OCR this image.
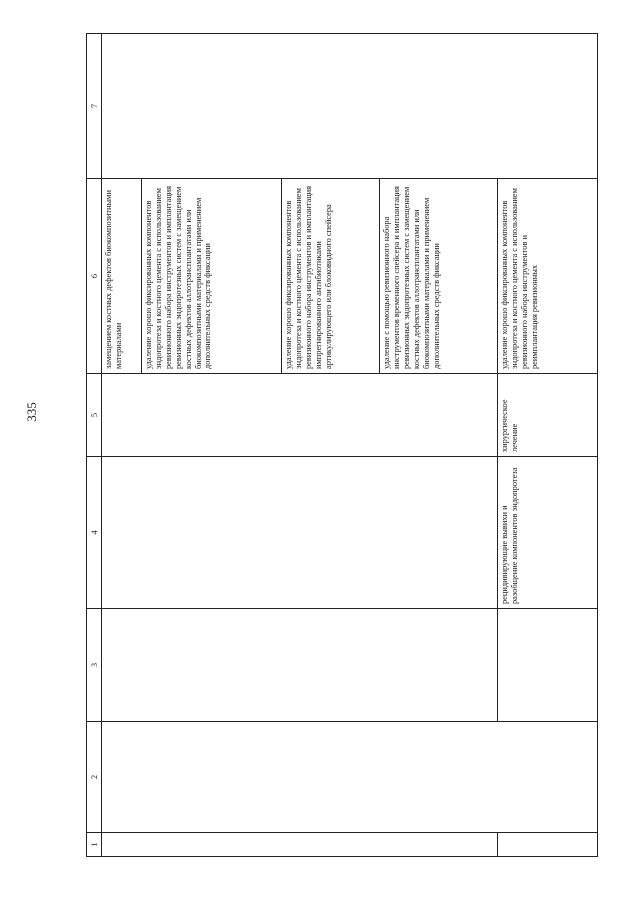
335
1	2	3	4	5	6	7
					замещением костных дефектов биокомпозитными материалами	
					удаление хорошо фиксированных компонентов эндопротеза и костного цемента с использованием ревизионного набора инструментов и имплантация ревизионных эндопротезных систем с замещением костных дефектов аллотрансплантатами или биокомпозитными материалами и применением дополнительных средств фиксации	
					удаление хорошо фиксированных компонентов эндопротеза и костного цемента с использованием ревизионного набора инструментов и имплантация импрегнированного антибиотиками артикулирующего или блоковидного спейсера	
					удаление с помощью ревизионного набора инструментов временного спейсера и имплантация ревизионных эндопротезных систем с замещением костных дефектов аллотрансплантатами или биокомпозитными материалами и применением дополнительных средств фиксации	
			рецидивирующие вывихи и разобщение компонентов эндопротеза	хирургическое лечение	удаление хорошо фиксированных компонентов эндопротеза и костного цемента с использованием ревизионного набора инструментов и реимплантация ревизионных	
